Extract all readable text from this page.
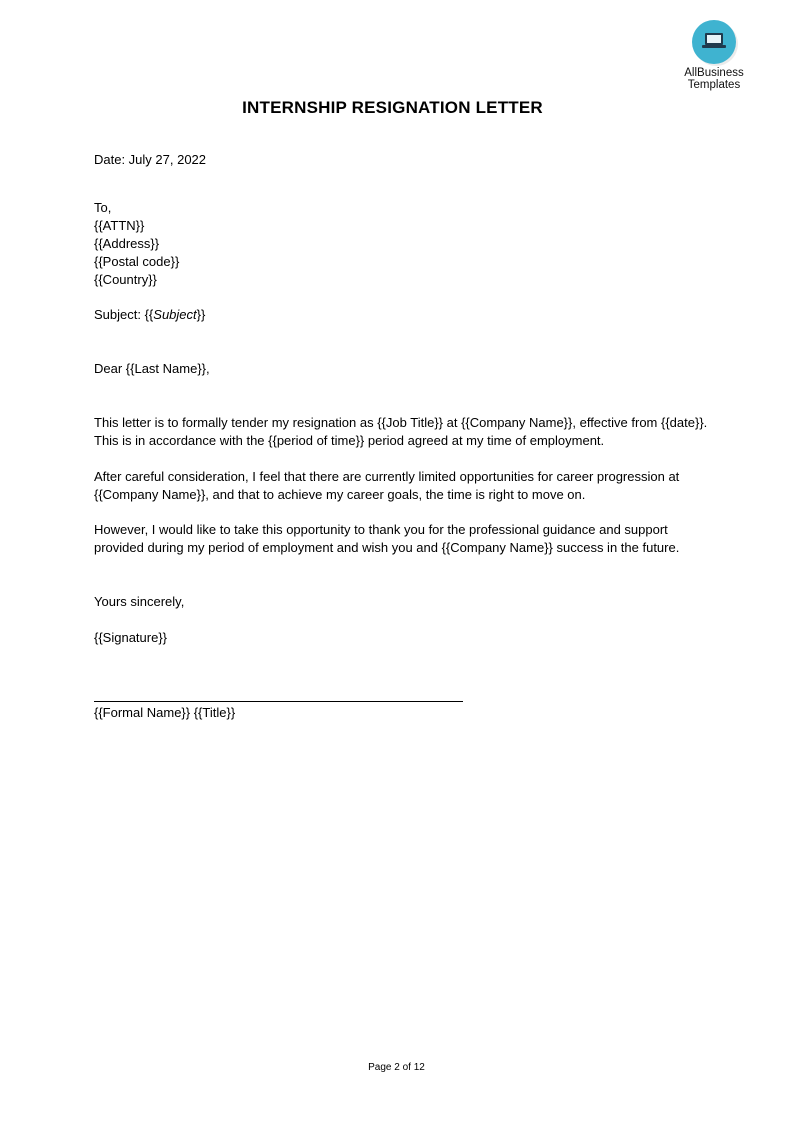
AllBusiness
Templates
INTERNSHIP RESIGNATION LETTER
Date: July 27, 2022
To,
{{ATTN}}
{{Address}}
{{Postal code}}
{{Country}}
Subject: {{Subject}}
Dear {{Last Name}},
This letter is to formally tender my resignation as {{Job Title}} at {{Company Name}}, effective from {{date}}. This is in accordance with the {{period of time}} period agreed at my time of employment.
After careful consideration, I feel that there are currently limited opportunities for career progression at {{Company Name}}, and that to achieve my career goals, the time is right to move on.
However, I would like to take this opportunity to thank you for the professional guidance and support provided during my period of employment and wish you and {{Company Name}} success in the future.
Yours sincerely,
{{Signature}}
{{Formal Name}} {{Title}}
Page 2 of 12
